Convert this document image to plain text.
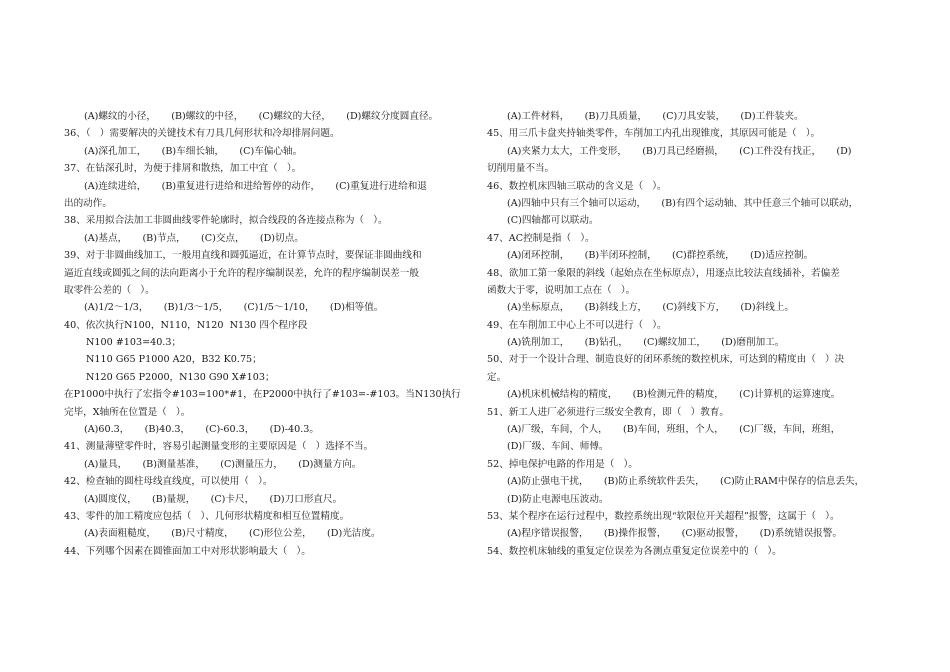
(A)螺纹的小径，     (B)螺纹的中径，     (C)螺纹的大径，     (D)螺纹分度圆直径。
36、（   ）需要解决的关键技术有刀具几何形状和冷却排屑问题。
(A)深孔加工，     (B)车细长轴，     (C)车偏心轴。
37、在钻深孔时，为便于排屑和散热，加工中宜（   ）。
(A)连续进给，     (B)重复进行进给和进给暂停的动作，     (C)重复进行进给和退
出的动作。
38、采用拟合法加工非圆曲线零件轮廓时，拟合线段的各连接点称为（   ）。
(A)基点，     (B)节点，     (C)交点，     (D)切点。
39、对于非圆曲线加工，一般用直线和圆弧逼近，在计算节点时，要保证非圆曲线和
逼近直线或圆弧之间的法向距离小于允许的程序编制误差，允许的程序编制误差一般
取零件公差的（   ）。
(A)1/2～1/3，     (B)1/3～1/5，     (C)1/5～1/10，     (D)相等值。
40、依次执行N100，N110，N120  N130 四个程序段
N100 #103=40.3；
N110 G65 P1000 A20，B32 K0.75；
N120 G65 P2000，N130 G90 X#103；
在P1000中执行了宏指令#103=100*#1，在P2000中执行了#103=-#103。当N130执行
完毕，X轴所在位置是（   ）。
(A)60.3，     (B)40.3，     (C)-60.3，     (D)-40.3。
41、测量薄壁零件时，容易引起测量变形的主要原因是（   ）选择不当。
(A)量具，     (B)测量基准，     (C)测量压力，     (D)测量方向。
42、检查轴的圆柱母线直线度，可以使用（   ）。
(A)圆度仪，     (B)量规，     (C)卡尺，     (D)刀口形直尺。
43、零件的加工精度应包括（   ）、几何形状精度和相互位置精度。
(A)表面粗糙度，     (B)尺寸精度，     (C)形位公差，     (D)光洁度。
44、下列哪个因素在圆锥面加工中对形状影响最大（   ）。
(A)工件材料，     (B)刀具质量，     (C)刀具安装，     (D)工件装夹。
45、用三爪卡盘夹持轴类零件，车削加工内孔出现锥度，其原因可能是（   ）。
(A)夹紧力太大，工件变形，     (B)刀具已经磨损，     (C)工件没有找正，     (D)
切削用量不当。
46、数控机床四轴三联动的含义是（   ）。
(A)四轴中只有三个轴可以运动，     (B)有四个运动轴、其中任意三个轴可以联动，
(C)四轴都可以联动。
47、AC控制是指（   ）。
(A)闭环控制，     (B)半闭环控制，     (C)群控系统，     (D)适应控制。
48、欲加工第一象限的斜线（起始点在坐标原点），用逐点比较法直线插补，若偏差
函数大于零，说明加工点在（   ）。
(A)坐标原点，     (B)斜线上方，     (C)斜线下方，     (D)斜线上。
49、在车削加工中心上不可以进行（   ）。
(A)铣削加工，     (B)钻孔，     (C)螺纹加工，     (D)磨削加工。
50、对于一个设计合理、制造良好的闭环系统的数控机床，可达到的精度由（   ）决
定。
(A)机床机械结构的精度，     (B)检测元件的精度，     (C)计算机的运算速度。
51、新工人进厂必须进行三级安全教育，即（   ）教育。
(A)厂级，车间，个人，     (B)车间，班组，个人，     (C)厂级，车间，班组，
(D)厂级、车间、师傅。
52、掉电保护电路的作用是（   ）。
(A)防止强电干扰，     (B)防止系统软件丢失，     (C)防止RAM中保存的信息丢失，
(D)防止电源电压波动。
53、某个程序在运行过程中，数控系统出现“软限位开关超程”报警，这属于（   ）。
(A)程序错误报警，     (B)操作报警，     (C)驱动报警，     (D)系统错误报警。
54、数控机床轴线的重复定位误差为各测点重复定位误差中的（   ）。
